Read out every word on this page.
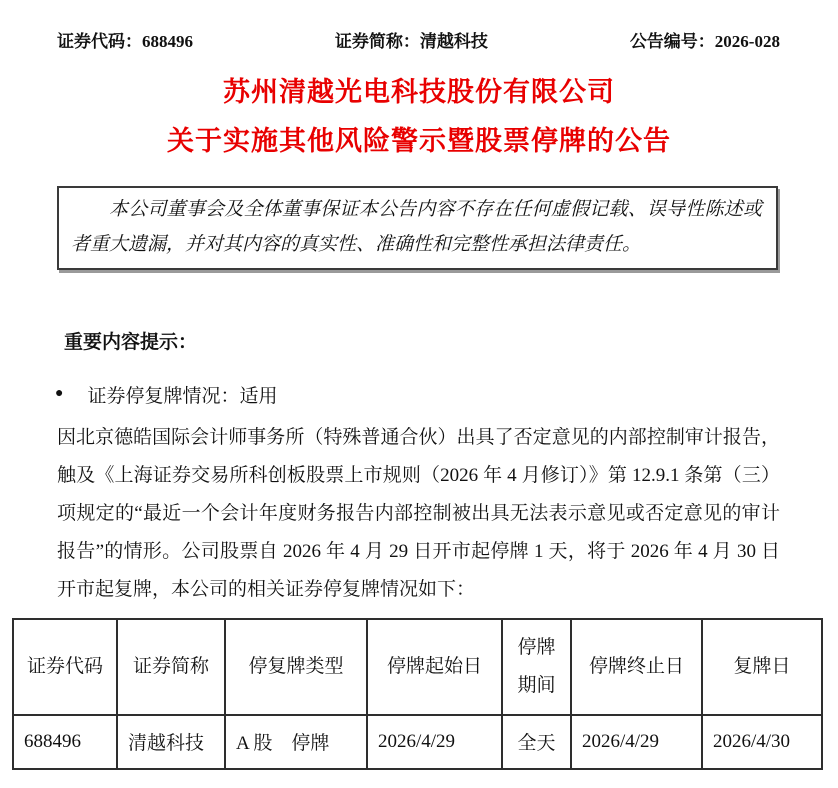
证券代码：688496	证券简称：清越科技	公告编号：2026-028
苏州清越光电科技股份有限公司
关于实施其他风险警示暨股票停牌的公告
本公司董事会及全体董事保证本公告内容不存在任何虚假记载、误导性陈述或者重大遗漏，并对其内容的真实性、准确性和完整性承担法律责任。
重要内容提示：
● 证券停复牌情况：适用

因北京德皓国际会计师事务所（特殊普通合伙）出具了否定意见的内部控制审计报告，触及《上海证券交易所科创板股票上市规则（2026 年 4 月修订）》第 12.9.1 条第（三）项规定的“最近一个会计年度财务报告内部控制被出具无法表示意见或否定意见的审计报告”的情形。公司股票自 2026 年 4 月 29 日开市起停牌 1 天，将于 2026 年 4 月 30 日开市起复牌，本公司的相关证券停复牌情况如下：

证券代码	证券简称	停复牌类型	停牌起始日	停牌期间	停牌终止日	复牌日
688496	清越科技	A 股　停牌	2026/4/29	全天	2026/4/29	2026/4/30
